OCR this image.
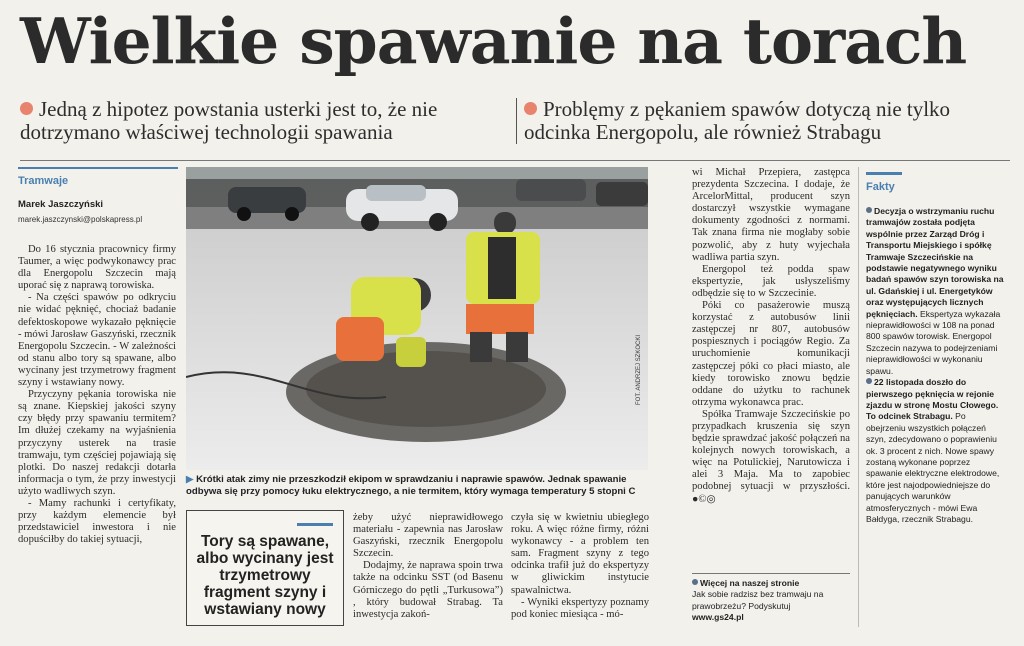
Wielkie spawanie na torach
Jedną z hipotez powstania usterki jest to, że nie dotrzymano właściwej technologii spawania
Problęmy z pękaniem spawów dotyczą nie tylko odcinka Energopolu, ale również Strabagu
Tramwaje
Marek Jaszczyński
marek.jaszczynski@polskapress.pl

Do 16 stycznia pracownicy firmy Taumer, a więc podwykonawcy prac dla Energopolu Szczecin mają uporać się z naprawą torowiska.

- Na części spawów po odkryciu nie widać pęknięć, chociaż badanie defektoskopowe wykazało pęknięcie - mówi Jarosław Gaszyński, rzecznik Energopolu Szczecin. - W zależności od stanu albo tory są spawane, albo wycinany jest trzymetrowy fragment szyny i wstawiany nowy.

Przyczyny pękania torowiska nie są znane. Kiepskiej jakości szyny czy błędy przy spawaniu termitem? Im dłużej czekamy na wyjaśnienia przyczyny usterek na trasie tramwaju, tym częściej pojawiają się plotki. Do naszej redakcji dotarła informacja o tym, że przy inwestycji użyto wadliwych szyn.

- Mamy rachunki i certyfikaty, przy każdym elemencie był przedstawiciel inwestora i nie dopuściłby do takiej sytuacji,

FOT. ANDRZEJ SZKOCKI
▶ Krótki atak zimy nie przeszkodził ekipom w sprawdzaniu i naprawie spawów. Jednak spawanie odbywa się przy pomocy łuku elektrycznego, a nie termitem, który wymaga temperatury 5 stopni C
Tory są spawane, albo wycinany jest trzymetrowy fragment szyny i wstawiany nowy

żeby użyć nieprawidłowego materiału - zapewnia nas Jarosław Gaszyński, rzecznik Energopolu Szczecin.

Dodajmy, że naprawa spoin trwa także na odcinku SST (od Basenu Górniczego do pętli „Turkusowa”) , który budował Strabag. Ta inwestycja zakoń-

czyła się w kwietniu ubiegłego roku. A więc różne firmy, różni wykonawcy - a problem ten sam. Fragment szyny z tego odcinka trafił już do ekspertyzy w gliwickim instytucie spawalnictwa.

- Wyniki ekspertyzy poznamy pod koniec miesiąca - mó-

wi Michał Przepiera, zastępca prezydenta Szczecina. I dodaje, że ArcelorMittal, producent szyn dostarczył wszystkie wymagane dokumenty zgodności z normami. Tak znana firma nie mogłaby sobie pozwolić, aby z huty wyjechała wadliwa partia szyn.

Energopol też podda spaw ekspertyzie, jak usłyszeliśmy odbędzie się to w Szczecinie.

Póki co pasażerowie muszą korzystać z autobusów linii zastępczej nr 807, autobusów pospiesznych i pociągów Regio. Za uruchomienie komunikacji zastępczej póki co płaci miasto, ale kiedy torowisko znowu będzie oddane do użytku to rachunek otrzyma wykonawca prac.

Spółka Tramwaje Szczecińskie po przypadkach kruszenia się szyn będzie sprawdzać jakość połączeń na kolejnych nowych torowiskach, a więc na Potulickiej, Narutowicza i alei 3 Maja. Ma to zapobiec podobnej sytuacji w przyszłości. ●©◎

Więcej na naszej stronie
Jak sobie radzisz bez tramwaju na prawobrzeżu? Podyskutuj
www.gs24.pl
Fakty
Decyzja o wstrzymaniu ruchu tramwajów została podjęta wspólnie przez Zarząd Dróg i Transportu Miejskiego i spółkę Tramwaje Szczecińskie na podstawie negatywnego wyniku badań spawów szyn torowiska na ul. Gdańskiej i ul. Energetyków oraz występujących licznych pęknięciach. Ekspertyza wykazała nieprawidłowości w 108 na ponad 800 spawów torowisk. Energopol Szczecin nazywa to podejrzeniami nieprawidłowości w wykonaniu spawu.
22 listopada doszło do pierwszego pęknięcia w rejonie zjazdu w stronę Mostu Cłowego. To odcinek Strabagu. Po obejrzeniu wszystkich połączeń szyn, zdecydowano o poprawieniu ok. 3 procent z nich. Nowe spawy zostaną wykonane poprzez spawanie elektryczne elektrodowe, które jest najodpowiedniejsze do panujących warunków atmosferycznych - mówi Ewa Bałdyga, rzecznik Strabagu.
